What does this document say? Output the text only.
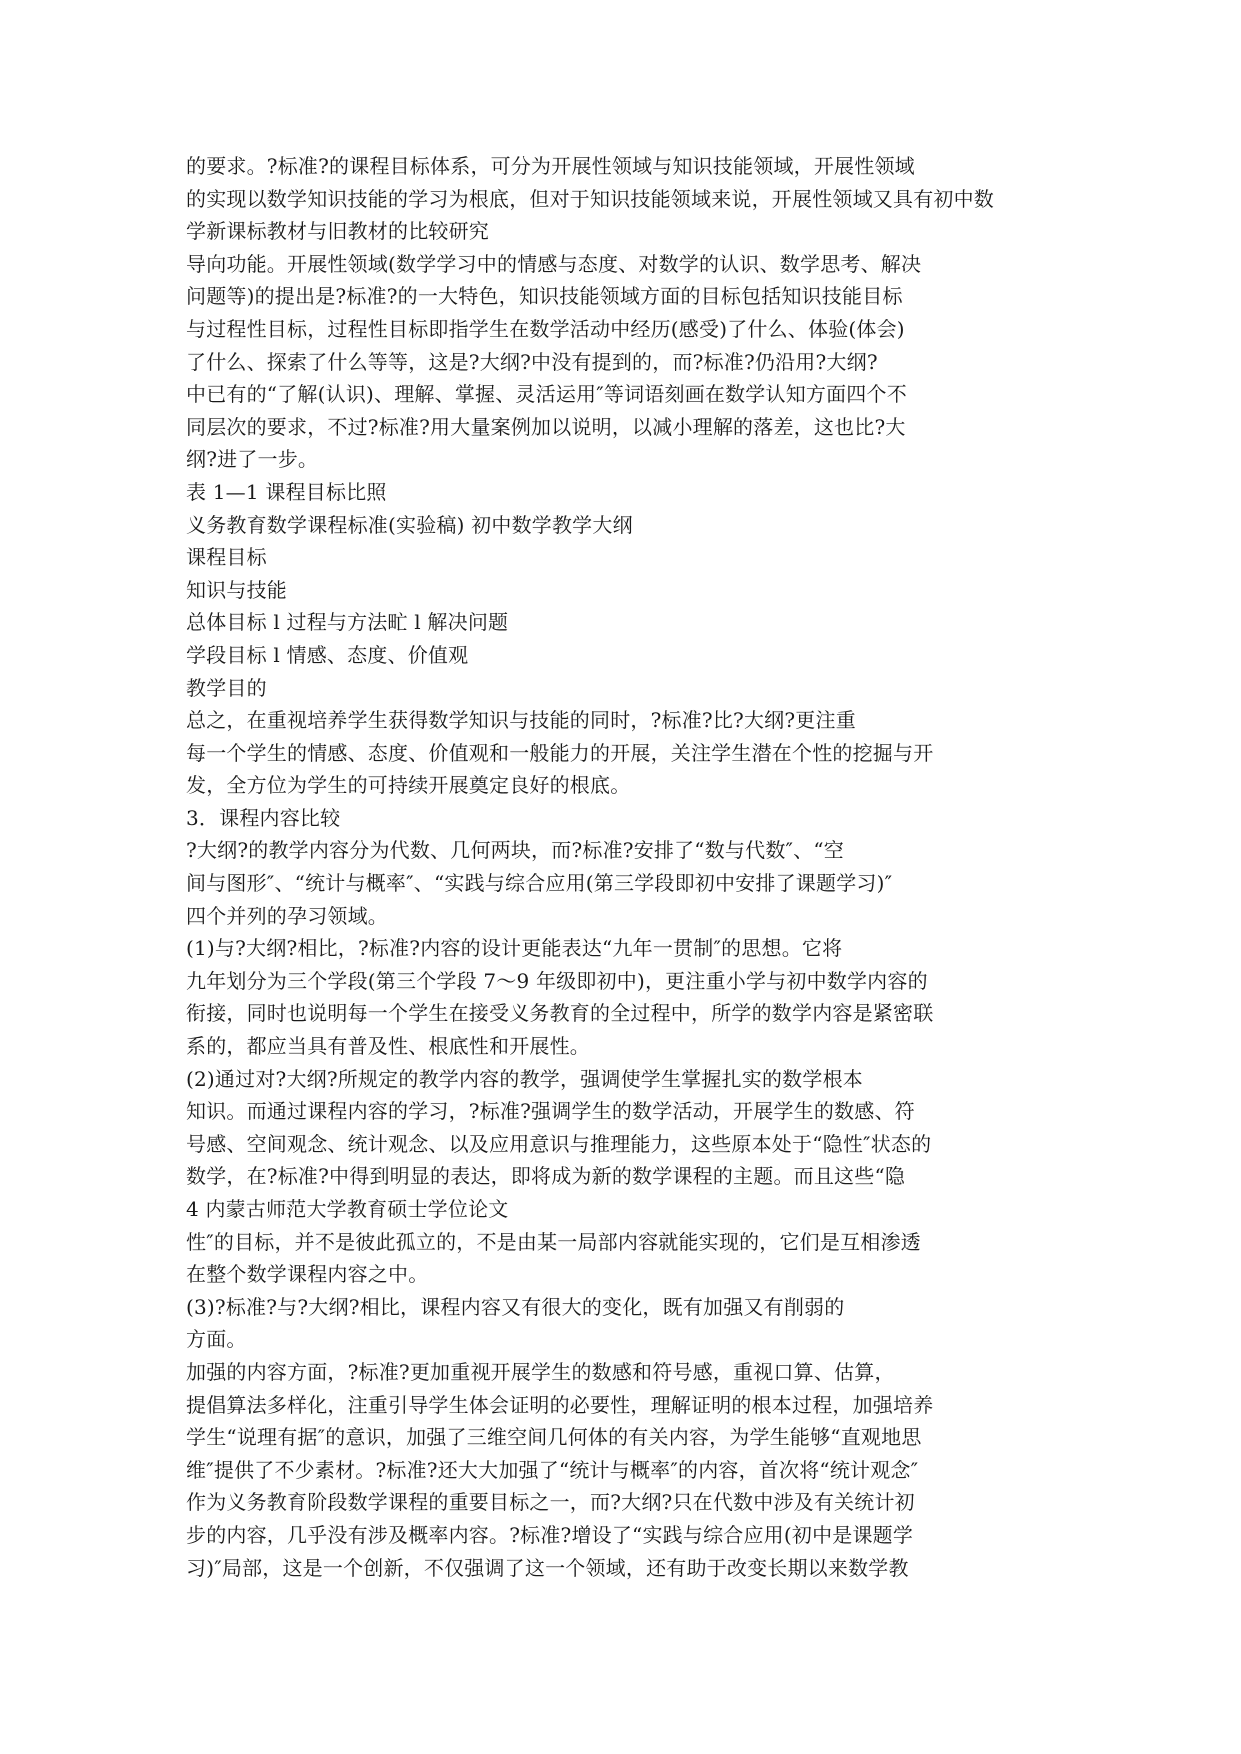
的要求。?标准?的课程目标体系，可分为开展性领域与知识技能领域，开展性领域
的实现以数学知识技能的学习为根底，但对于知识技能领域来说，开展性领域又具有初中数
学新课标教材与旧教材的比较研究
导向功能。开展性领域(数学学习中的情感与态度、对数学的认识、数学思考、解决
问题等)的提出是?标准?的一大特色，知识技能领域方面的目标包括知识技能目标
与过程性目标，过程性目标即指学生在数学活动中经历(感受)了什么、体验(体会)
了什么、探索了什么等等，这是?大纲?中没有提到的，而?标准?仍沿用?大纲?
中已有的“了解(认识)、理解、掌握、灵活运用″等词语刻画在数学认知方面四个不
同层次的要求，不过?标准?用大量案例加以说明，以减小理解的落差，这也比?大
纲?进了一步。
表 1—1 课程目标比照
义务教育数学课程标准(实验稿) 初中数学教学大纲
课程目标
知识与技能
总体目标 l 过程与方法甿 l 解决问题
学段目标 l 情感、态度、价值观
教学目的
总之，在重视培养学生获得数学知识与技能的同时，?标准?比?大纲?更注重
每一个学生的情感、态度、价值观和一般能力的开展，关注学生潜在个性的挖掘与开
发，全方位为学生的可持续开展奠定良好的根底。
3．课程内容比较
?大纲?的教学内容分为代数、几何两块，而?标准?安排了“数与代数″、“空
间与图形″、“统计与概率″、“实践与综合应用(第三学段即初中安排了课题学习)″
四个并列的孕习领域。
(1)与?大纲?相比，?标准?内容的设计更能表达“九年一贯制″的思想。它将
九年划分为三个学段(第三个学段 7～9 年级即初中)，更注重小学与初中数学内容的
衔接，同时也说明每一个学生在接受义务教育的全过程中，所学的数学内容是紧密联
系的，都应当具有普及性、根底性和开展性。
(2)通过对?大纲?所规定的教学内容的教学，强调使学生掌握扎实的数学根本
知识。而通过课程内容的学习，?标准?强调学生的数学活动，开展学生的数感、符
号感、空间观念、统计观念、以及应用意识与推理能力，这些原本处于“隐性″状态的
数学，在?标准?中得到明显的表达，即将成为新的数学课程的主题。而且这些“隐
4 内蒙古师范大学教育硕士学位论文
性″的目标，并不是彼此孤立的，不是由某一局部内容就能实现的，它们是互相渗透
在整个数学课程内容之中。
(3)?标准?与?大纲?相比，课程内容又有很大的变化，既有加强又有削弱的
方面。
加强的内容方面，?标准?更加重视开展学生的数感和符号感，重视口算、估算，
提倡算法多样化，注重引导学生体会证明的必要性，理解证明的根本过程，加强培养
学生“说理有据″的意识，加强了三维空间几何体的有关内容，为学生能够“直观地思
维″提供了不少素材。?标准?还大大加强了“统计与概率″的内容，首次将“统计观念″
作为义务教育阶段数学课程的重要目标之一，而?大纲?只在代数中涉及有关统计初
步的内容，几乎没有涉及概率内容。?标准?增设了“实践与综合应用(初中是课题学
习)″局部，这是一个创新，不仅强调了这一个领域，还有助于改变长期以来数学教
